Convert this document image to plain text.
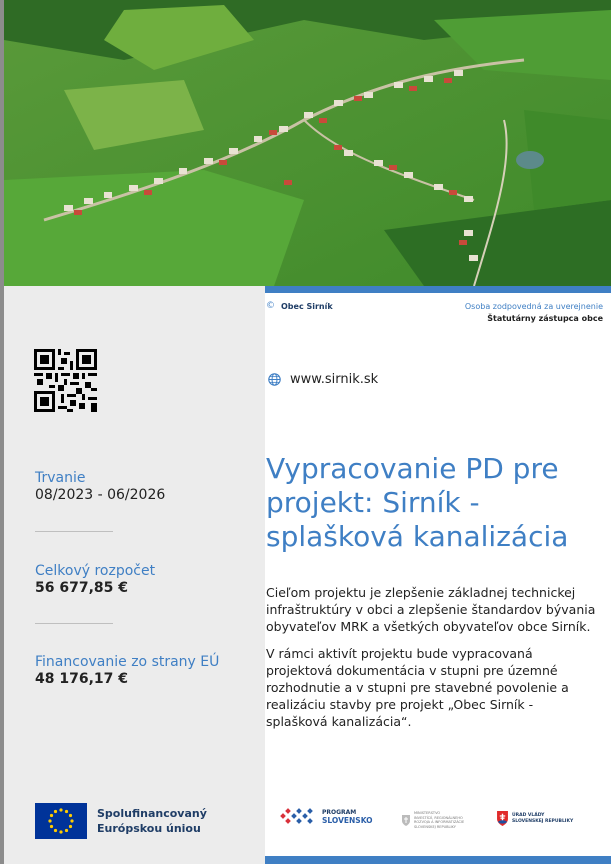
© Obec Sirník	Osoba zodpovedná za uverejnenie
Štatutárny zástupca obce
www.sirnik.sk
Trvanie
08/2023 - 06/2026
Celkový rozpočet
56 677,85 €
Financovanie zo strany EÚ
48 176,17 €
Vypracovanie PD pre projekt: Sirník - splašková kanalizácia
Cieľom projektu je zlepšenie základnej technickej infraštruktúry v obci a zlepšenie štandardov bývania obyvateľov MRK a všetkých obyvateľov obce Sirník.
V rámci aktivít projektu bude vypracovaná projektová dokumentácia v stupni pre územné rozhodnutie a v stupni pre stavebné povolenie a realizáciu stavby pre projekt „Obec Sirník - splašková kanalizácia“.
Spolufinancovaný
Európskou úniou
PROGRAM
SLOVENSKO
MINISTERSTVO
INVESTÍCIÍ, REGIONÁLNEHO
ROZVOJA A INFORMATIZÁCIE
SLOVENSKEJ REPUBLIKY
ÚRAD VLÁDY
SLOVENSKEJ REPUBLIKY
